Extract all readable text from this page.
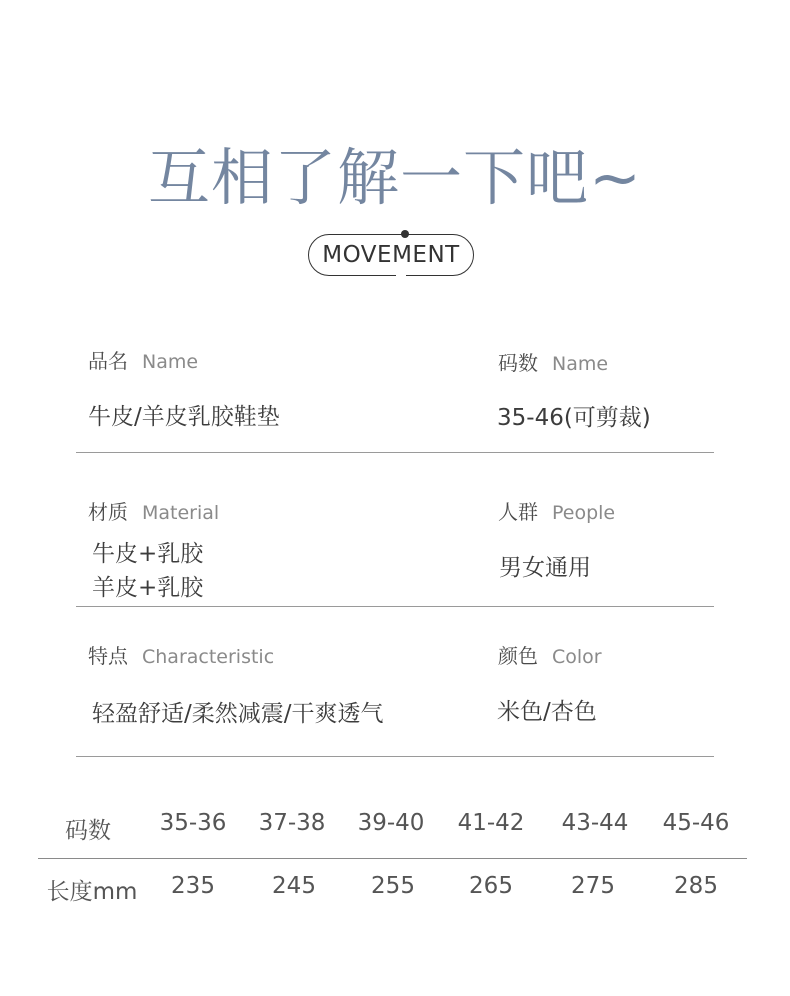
互相了解一下吧~
MOVEMENT
品名 Name
牛皮/羊皮乳胶鞋垫
码数 Name
35-46(可剪裁)
材质 Material
牛皮+乳胶
羊皮+乳胶
人群 People
男女通用
特点 Characteristic
轻盈舒适/柔然减震/干爽透气
颜色 Color
米色/杏色
码数	35-36	37-38	39-40	41-42	43-44	45-46
长度mm	235	245	255	265	275	285
